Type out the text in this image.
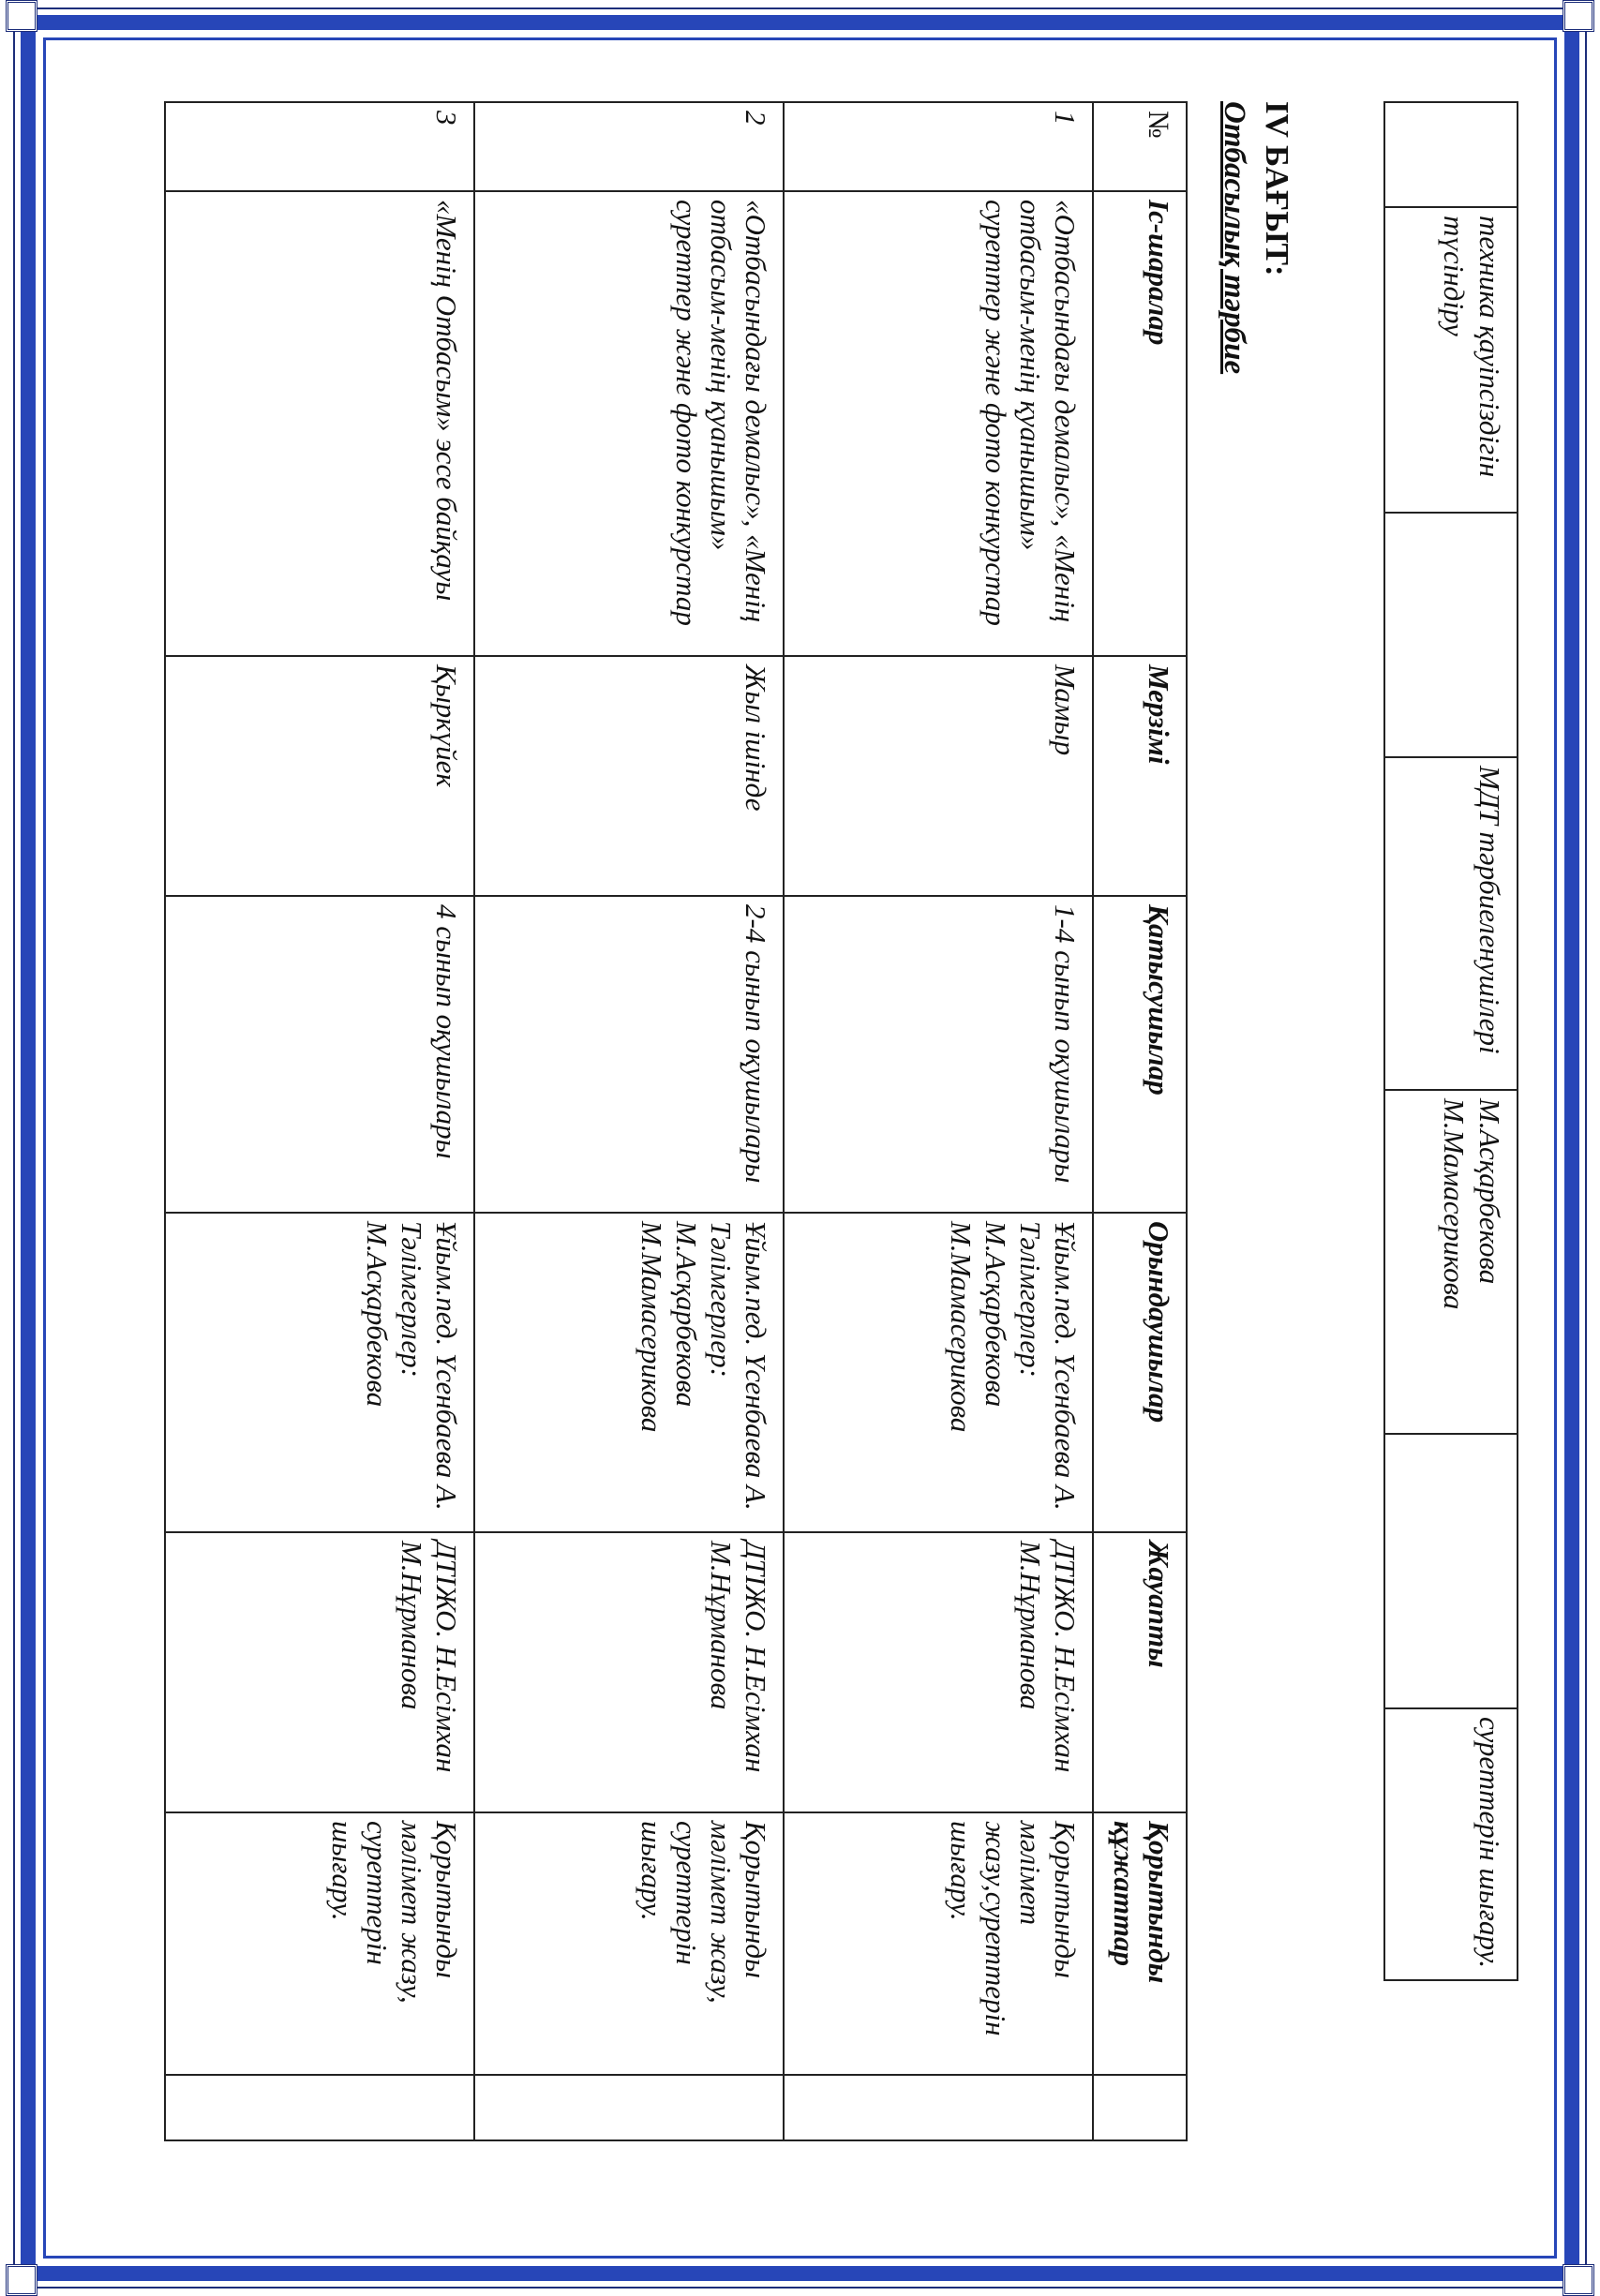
	техника қауіпсіздігін түсіндіру		МДТ тәрбиеленушілері	М.Асқарбекова М.Мамасерикова		суреттерін шығару.
IV БАҒЫТ:
Отбасылық тәрбие
№	Іс-шаралар	Мерзімі	Қатысушылар	Орындаушылар	Жауапты	Қорытынды құжаттар	
1	«Отбасындағы демалыс», «Менің отбасым-менің қуанышым» суреттер және фото конкурстар	Мамыр	1-4 сынып оқушылары	Ұйым.пед. Үсенбаева А. Тәлімгерлер: М.Асқарбекова М.Мамасерикова	ДТІЖО. Н.Есімхан М.Нұрманова	Қорытынды мәлімет жазу,суреттерін шығару.	
2	«Отбасындағы демалыс», «Менің отбасым-менің қуанышым» суреттер және фото конкурстар	Жыл ішінде	2-4 сынып оқушылары	Ұйым.пед. Үсенбаева А. Тәлімгерлер: М.Асқарбекова М.Мамасерикова	ДТІЖО. Н.Есімхан М.Нұрманова	Қорытынды мәлімет жазу, суреттерін шығару.	
3	«Менің Отбасым» эссе байқауы	Қыркүйек	4 сынып оқушылары	Ұйым.пед. Үсенбаева А. Тәлімгерлер: М.Асқарбекова	ДТІЖО. Н.Есімхан М.Нұрманова	Қорытынды мәлімет жазу, суреттерін шығару.	
